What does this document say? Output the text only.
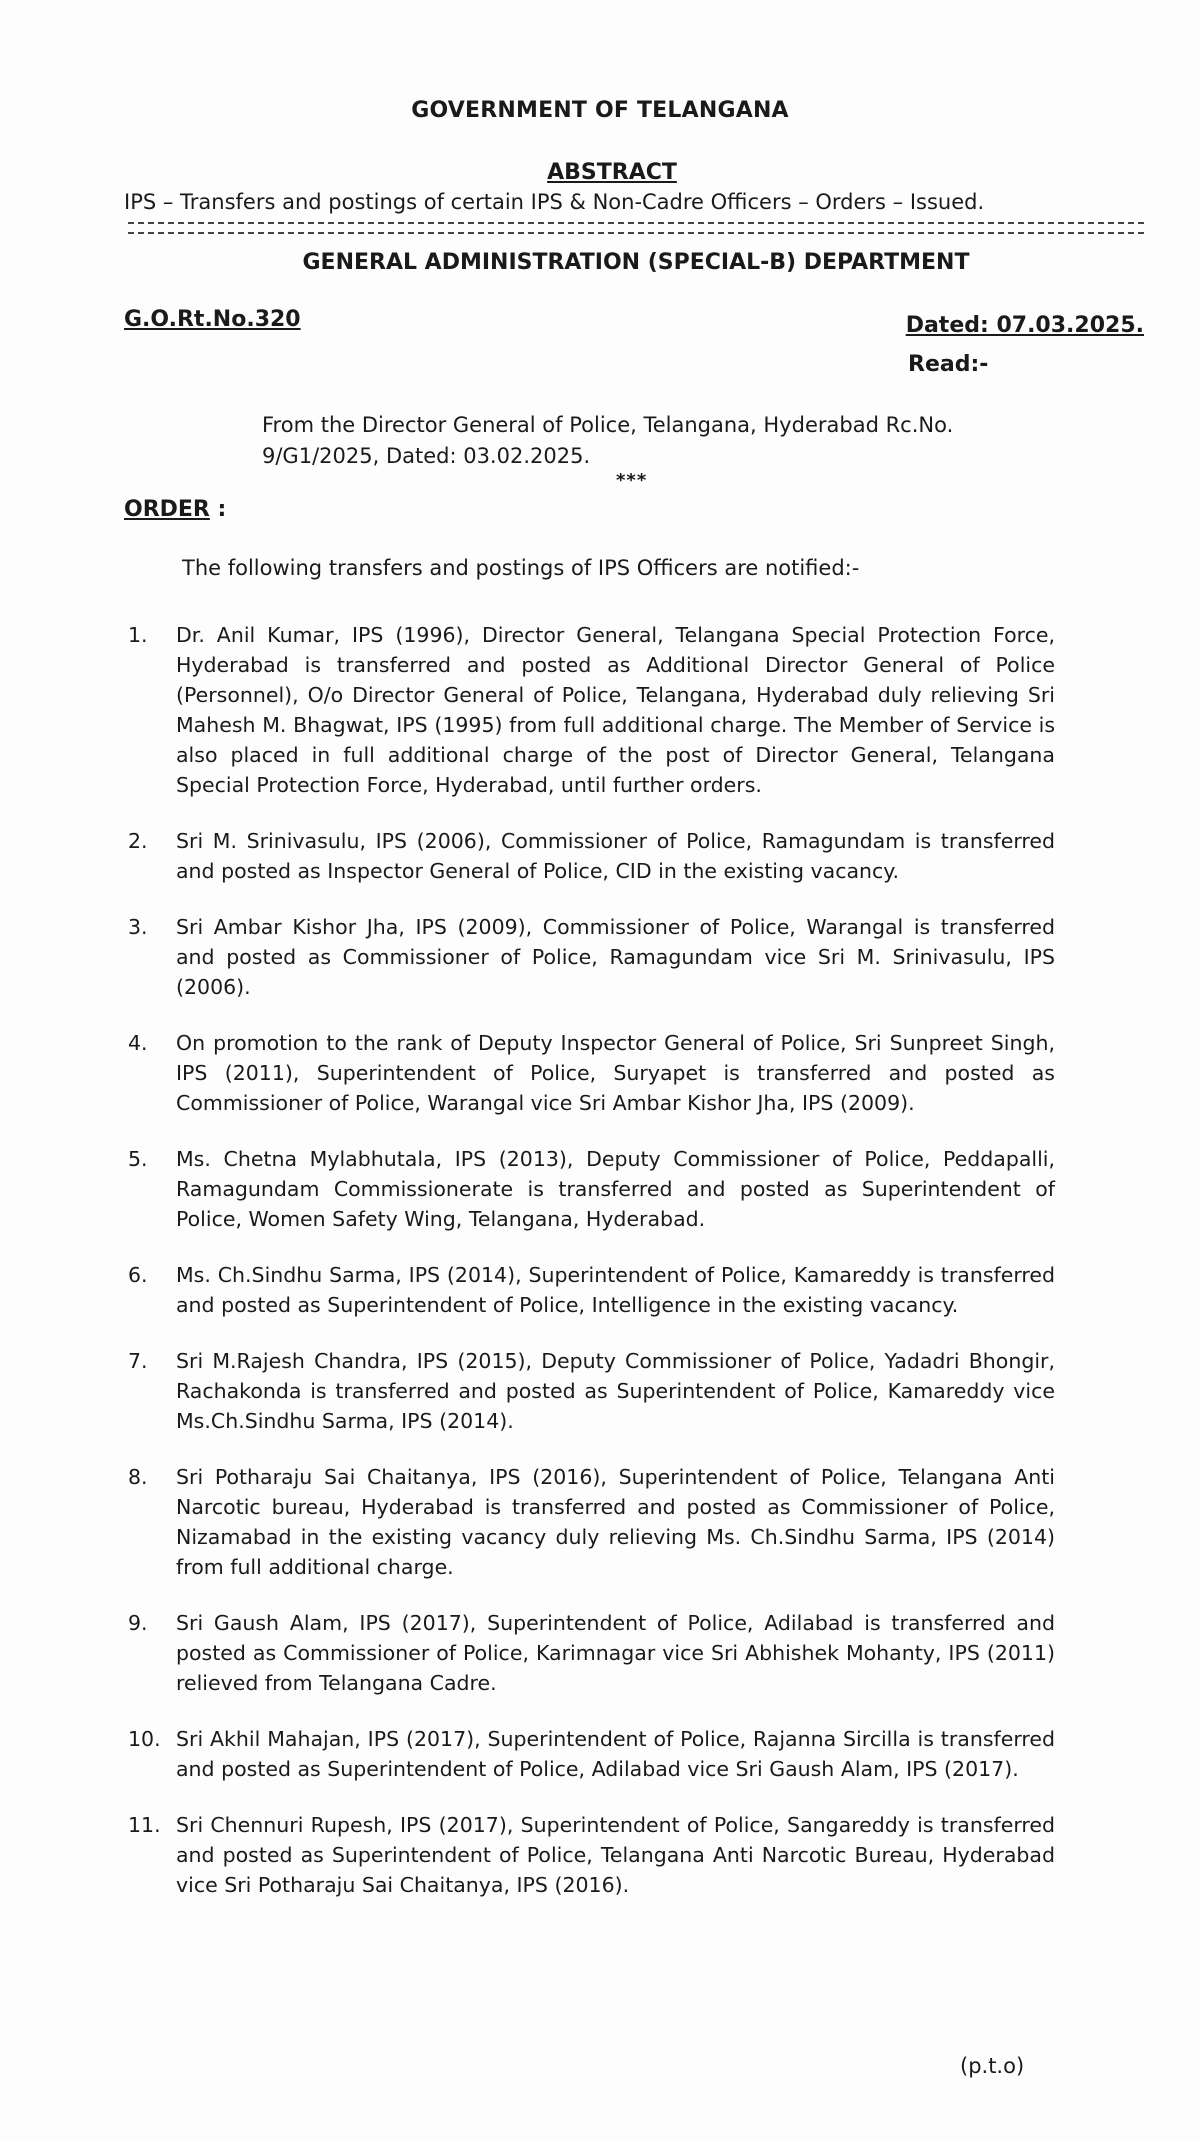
GOVERNMENT OF TELANGANA
ABSTRACT
IPS – Transfers and postings of certain IPS & Non-Cadre Officers – Orders – Issued.
GENERAL ADMINISTRATION (SPECIAL-B) DEPARTMENT
G.O.Rt.No.320	Dated: 07.03.2025.
Read:-
From the Director General of Police, Telangana, Hyderabad Rc.No. 9/G1/2025, Dated: 03.02.2025.
***
ORDER :
The following transfers and postings of IPS Officers are notified:-
1. Dr. Anil Kumar, IPS (1996), Director General, Telangana Special Protection Force, Hyderabad is transferred and posted as Additional Director General of Police (Personnel), O/o Director General of Police, Telangana, Hyderabad duly relieving Sri Mahesh M. Bhagwat, IPS (1995) from full additional charge. The Member of Service is also placed in full additional charge of the post of Director General, Telangana Special Protection Force, Hyderabad, until further orders.
2. Sri M. Srinivasulu, IPS (2006), Commissioner of Police, Ramagundam is transferred and posted as Inspector General of Police, CID in the existing vacancy.
3. Sri Ambar Kishor Jha, IPS (2009), Commissioner of Police, Warangal is transferred and posted as Commissioner of Police, Ramagundam vice Sri M. Srinivasulu, IPS (2006).
4. On promotion to the rank of Deputy Inspector General of Police, Sri Sunpreet Singh, IPS (2011), Superintendent of Police, Suryapet is transferred and posted as Commissioner of Police, Warangal vice Sri Ambar Kishor Jha, IPS (2009).
5. Ms. Chetna Mylabhutala, IPS (2013), Deputy Commissioner of Police, Peddapalli, Ramagundam Commissionerate is transferred and posted as Superintendent of Police, Women Safety Wing, Telangana, Hyderabad.
6. Ms. Ch.Sindhu Sarma, IPS (2014), Superintendent of Police, Kamareddy is transferred and posted as Superintendent of Police, Intelligence in the existing vacancy.
7. Sri M.Rajesh Chandra, IPS (2015), Deputy Commissioner of Police, Yadadri Bhongir, Rachakonda is transferred and posted as Superintendent of Police, Kamareddy vice Ms.Ch.Sindhu Sarma, IPS (2014).
8. Sri Potharaju Sai Chaitanya, IPS (2016), Superintendent of Police, Telangana Anti Narcotic bureau, Hyderabad is transferred and posted as Commissioner of Police, Nizamabad in the existing vacancy duly relieving Ms. Ch.Sindhu Sarma, IPS (2014) from full additional charge.
9. Sri Gaush Alam, IPS (2017), Superintendent of Police, Adilabad is transferred and posted as Commissioner of Police, Karimnagar vice Sri Abhishek Mohanty, IPS (2011) relieved from Telangana Cadre.
10. Sri Akhil Mahajan, IPS (2017), Superintendent of Police, Rajanna Sircilla is transferred and posted as Superintendent of Police, Adilabad vice Sri Gaush Alam, IPS (2017).
11. Sri Chennuri Rupesh, IPS (2017), Superintendent of Police, Sangareddy is transferred and posted as Superintendent of Police, Telangana Anti Narcotic Bureau, Hyderabad vice Sri Potharaju Sai Chaitanya, IPS (2016).
(p.t.o)
